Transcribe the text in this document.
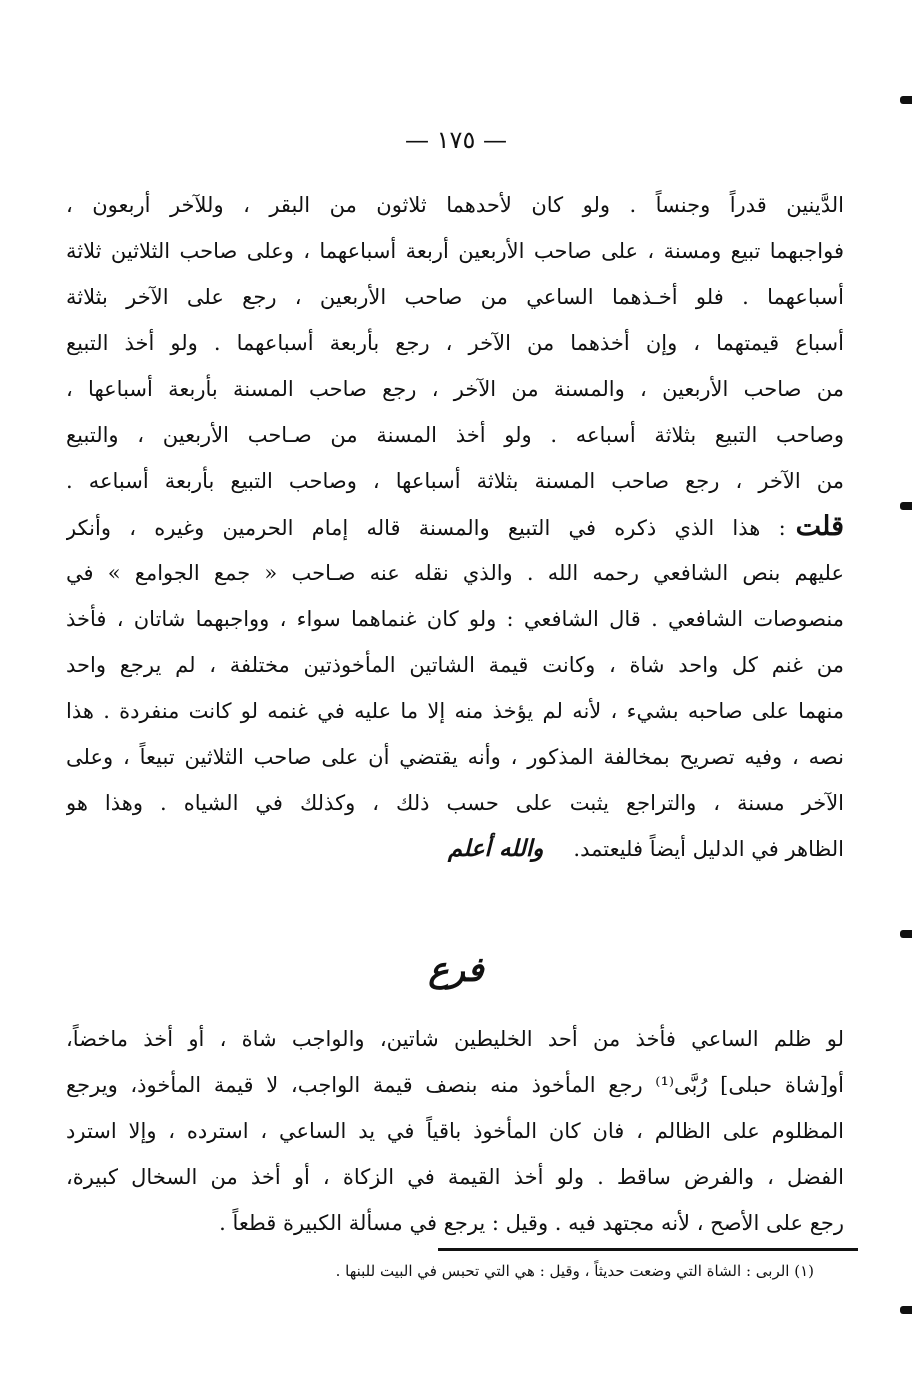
— ١٧٥ —
الدَّينين قدراً وجنساً . ولو كان لأحدهما ثلاثون من البقر ، وللآخر أربعون ،
فواجبهما تبيع ومسنة ، على صاحب الأربعين أربعة أسباعهما ، وعلى صاحب الثلاثين ثلاثة
أسباعهما . فلو أخـذهما الساعي من صاحب الأربعين ، رجع على الآخر بثلاثة
أسباع قيمتهما ، وإن أخذهما من الآخر ، رجع بأربعة أسباعهما . ولو أخذ التبيع
من صاحب الأربعين ، والمسنة من الآخر ، رجع صاحب المسنة بأربعة أسباعها ،
وصاحب التبيع بثلاثة أسباعه . ولو أخذ المسنة من صـاحب الأربعين ، والتبيع
من الآخر ، رجع صاحب المسنة بثلاثة أسباعها ، وصاحب التبيع بأربعة أسباعه .
قلت: هذا الذي ذكره في التبيع والمسنة قاله إمام الحرمين وغيره ، وأنكر
عليهم بنص الشافعي رحمه الله . والذي نقله عنه صـاحب « جمع الجوامع » في
منصوصات الشافعي . قال الشافعي : ولو كان غنماهما سواء ، وواجبهما شاتان ، فأخذ
من غنم كل واحد شاة ، وكانت قيمة الشاتين المأخوذتين مختلفة ، لم يرجع واحد
منهما على صاحبه بشيء ، لأنه لم يؤخذ منه إلا ما عليه في غنمه لو كانت منفردة . هذا
نصه ، وفيه تصريح بمخالفة المذكور ، وأنه يقتضي أن على صاحب الثلاثين تبيعاً ، وعلى
الآخر مسنة ، والتراجع يثبت على حسب ذلك ، وكذلك في الشياه . وهذا هو
الظاهر في الدليل أيضاً فليعتمد.والله أعلم
فرع
لو ظلم الساعي فأخذ من أحد الخليطين شاتين، والواجب شاة ، أو أخذ ماخضاً،
أو[شاة حبلى] رُبَّى⁽¹⁾ رجع المأخوذ منه بنصف قيمة الواجب، لا قيمة المأخوذ، ويرجع
المظلوم على الظالم ، فان كان المأخوذ باقياً في يد الساعي ، استرده ، وإلا استرد
الفضل ، والفرض ساقط . ولو أخذ القيمة في الزكاة ، أو أخذ من السخال كبيرة،
رجع على الأصح ، لأنه مجتهد فيه . وقيل : يرجع في مسألة الكبيرة قطعاً .
(١) الربى : الشاة التي وضعت حديثاً ، وقيل : هي التي تحبس في البيت للبنها .
